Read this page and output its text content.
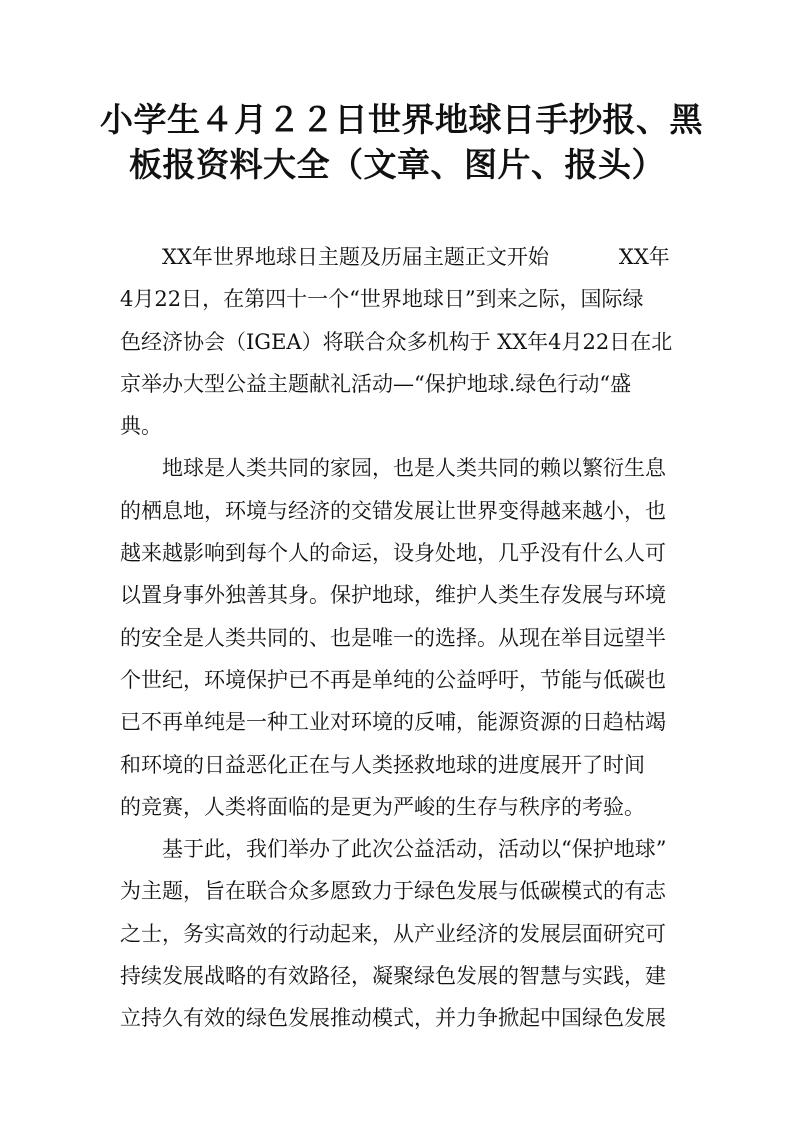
小学生４月２２日世界地球日手抄报、黑
板报资料大全（文章、图片、报头）
XX年世界地球日主题及历届主题正文开始	XX年
4月22日，在第四十一个“世界地球日”到来之际，国际绿
色经济协会（IGEA）将联合众多机构于 XX年4月22日在北
京举办大型公益主题献礼活动—“保护地球.绿色行动“盛
典。
地球是人类共同的家园，也是人类共同的赖以繁衍生息
的栖息地，环境与经济的交错发展让世界变得越来越小，也
越来越影响到每个人的命运，设身处地，几乎没有什么人可
以置身事外独善其身。保护地球，维护人类生存发展与环境
的安全是人类共同的、也是唯一的选择。从现在举目远望半
个世纪，环境保护已不再是单纯的公益呼吁，节能与低碳也
已不再单纯是一种工业对环境的反哺，能源资源的日趋枯竭
和环境的日益恶化正在与人类拯救地球的进度展开了时间
的竞赛，人类将面临的是更为严峻的生存与秩序的考验。
基于此，我们举办了此次公益活动，活动以“保护地球”
为主题，旨在联合众多愿致力于绿色发展与低碳模式的有志
之士，务实高效的行动起来，从产业经济的发展层面研究可
持续发展战略的有效路径，凝聚绿色发展的智慧与实践，建
立持久有效的绿色发展推动模式，并力争掀起中国绿色发展
